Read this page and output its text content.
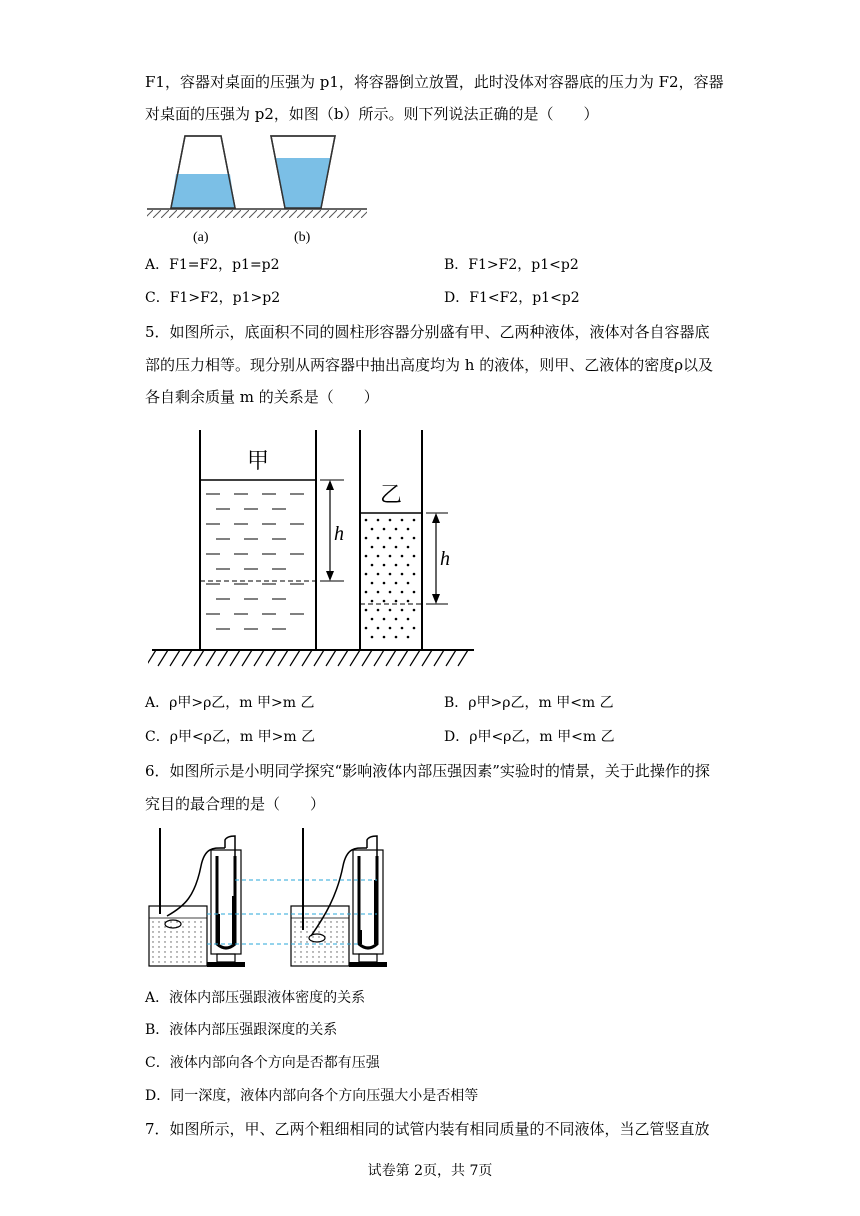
F1，容器对桌面的压强为 p1，将容器倒立放置，此时没体对容器底的压力为 F2，容器
对桌面的压强为 p2，如图（b）所示。则下列说法正确的是（　　）
(a)	(b)
A．F1=F2，p1=p2	B．F1>F2，p1<p2
C．F1>F2，p1>p2	D．F1<F2，p1<p2
5．如图所示，底面积不同的圆柱形容器分别盛有甲、乙两种液体，液体对各自容器底
部的压力相等。现分别从两容器中抽出高度均为 h 的液体，则甲、乙液体的密度ρ以及
各自剩余质量 m 的关系是（　　）
甲
h
乙
h
A．ρ甲>ρ乙，m 甲>m 乙	B．ρ甲>ρ乙，m 甲<m 乙
C．ρ甲<ρ乙，m 甲>m 乙	D．ρ甲<ρ乙，m 甲<m 乙
6．如图所示是小明同学探究“影响液体内部压强因素”实验时的情景，关于此操作的探
究目的最合理的是（　　）
A．液体内部压强跟液体密度的关系
B．液体内部压强跟深度的关系
C．液体内部向各个方向是否都有压强
D．同一深度，液体内部向各个方向压强大小是否相等
7．如图所示，甲、乙两个粗细相同的试管内装有相同质量的不同液体，当乙管竖直放
试卷第 2页，共 7页
